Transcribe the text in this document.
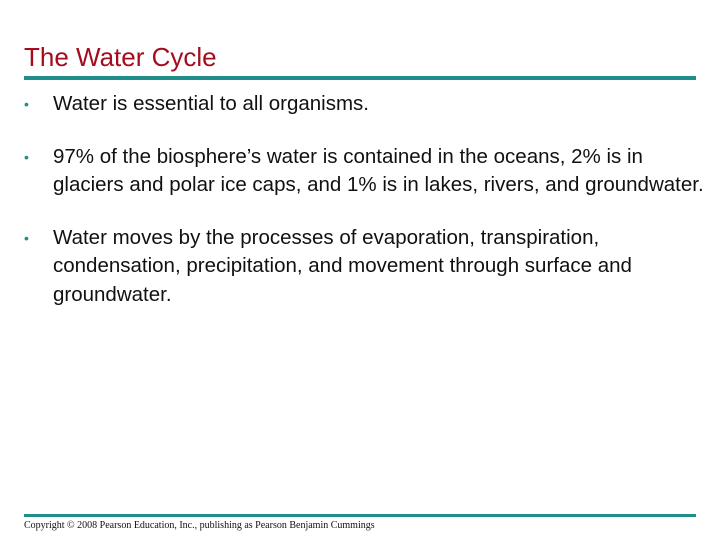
The Water Cycle
• Water is essential to all organisms.
• 97% of the biosphere’s water is contained in the oceans, 2% is in glaciers and polar ice caps, and 1% is in lakes, rivers, and groundwater.
• Water moves by the processes of evaporation, transpiration, condensation, precipitation, and movement through surface and groundwater.
Copyright © 2008 Pearson Education, Inc., publishing as Pearson Benjamin Cummings
